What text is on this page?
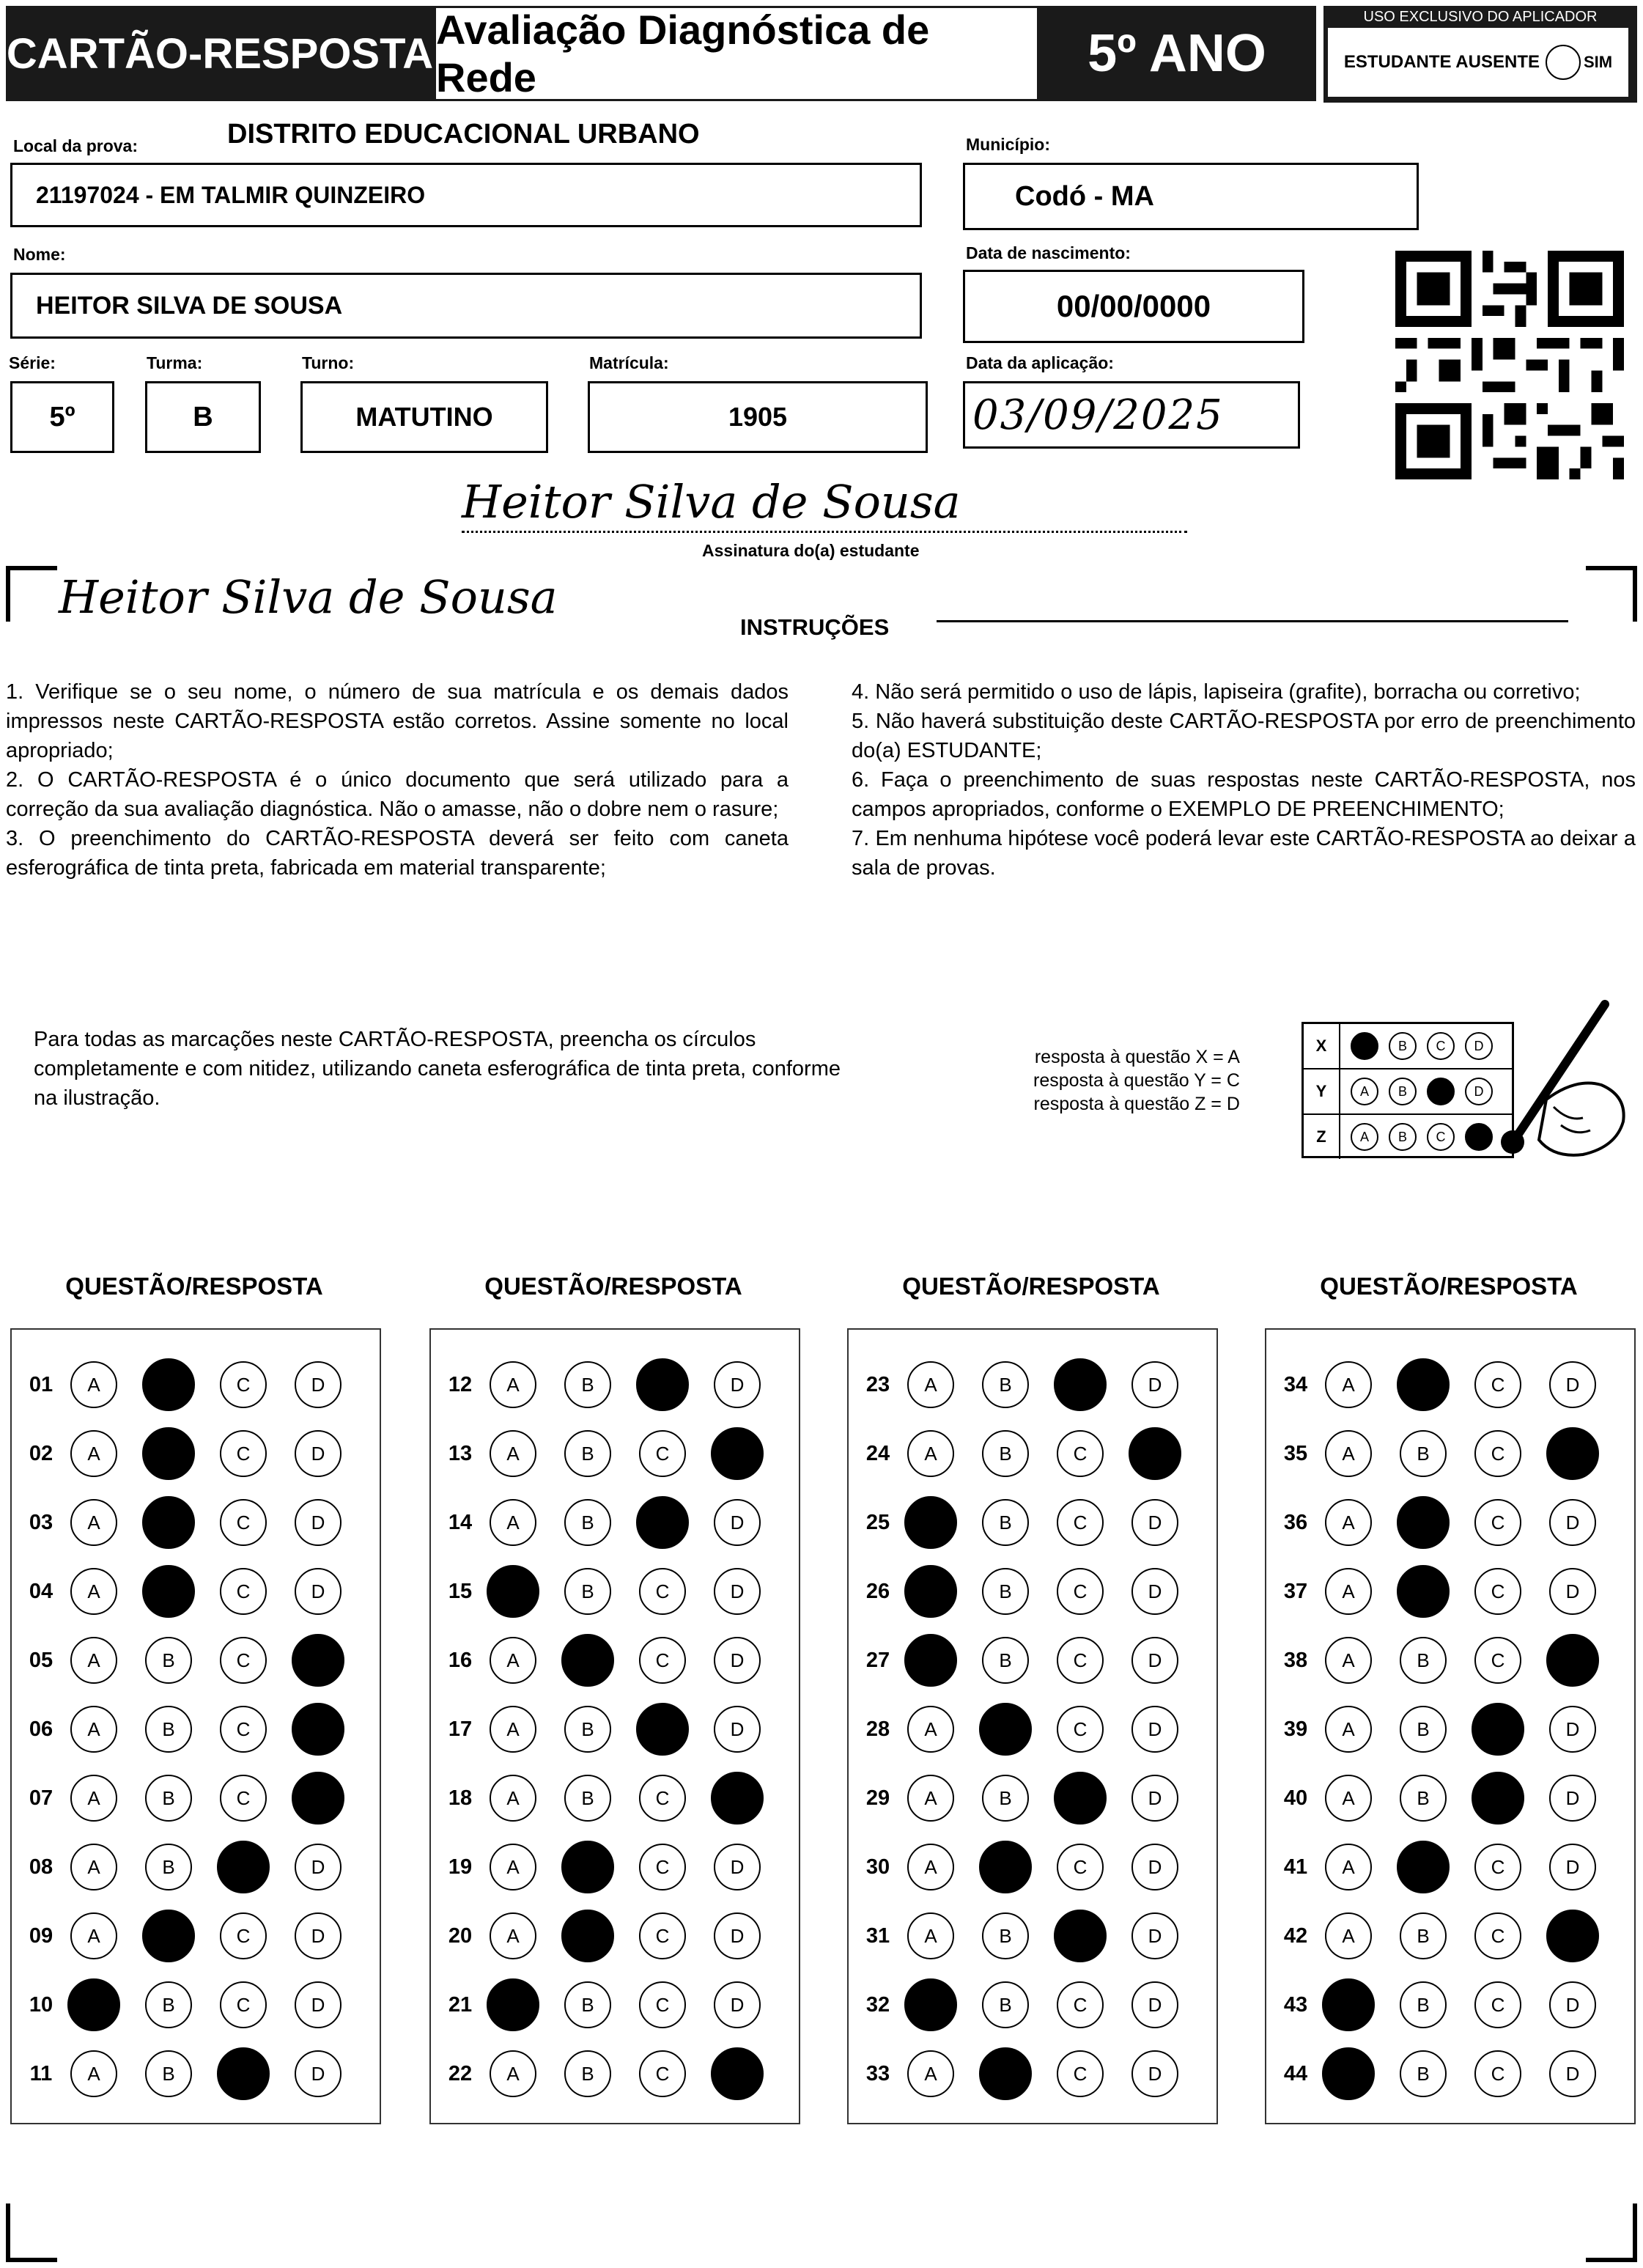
CARTÃO-RESPOSTA Avaliação Diagnóstica de Rede	5º ANO
USO EXCLUSIVO DO APLICADOR
ESTUDANTE AUSENTE	SIM
Local da prova:	DISTRITO EDUCACIONAL URBANO
21197024 - EM TALMIR QUINZEIRO
Município:
Codó - MA
Nome:
HEITOR SILVA DE SOUSA
Data de nascimento:
00/00/0000
Série:
5º
Turma:
B
Turno:
MATUTINO
Matrícula:
1905
Data da aplicação:
03/09/2025
Heitor Silva de Sousa
Assinatura do(a) estudante
Heitor Silva de Sousa
INSTRUÇÕES

1. Verifique se o seu nome, o número de sua matrícula e os demais dados impressos neste CARTÃO-RESPOSTA estão corretos. Assine somente no local apropriado;

2. O CARTÃO-RESPOSTA é o único documento que será utilizado para a correção da sua avaliação diagnóstica. Não o amasse, não o dobre nem o rasure;

3. O preenchimento do CARTÃO-RESPOSTA deverá ser feito com caneta esferográfica de tinta preta, fabricada em material transparente;

4. Não será permitido o uso de lápis, lapiseira (grafite), borracha ou corretivo;

5. Não haverá substituição deste CARTÃO-RESPOSTA por erro de preenchimento do(a) ESTUDANTE;

6. Faça o preenchimento de suas respostas neste CARTÃO-RESPOSTA, nos campos apropriados, conforme o EXEMPLO DE PREENCHIMENTO;

7. Em nenhuma hipótese você poderá levar este CARTÃO-RESPOSTA ao deixar a sala de provas.

Para todas as marcações neste CARTÃO-RESPOSTA, preencha os círculos completamente e com nitidez, utilizando caneta esferográfica de tinta preta, conforme na ilustração.
resposta à questão X = A
resposta à questão Y = C
resposta à questão Z = D
X	A	B	C	D
Y	A	B	C	D
Z	A	B	C	D
QUESTÃO/RESPOSTA
01	A	B	C	D
02	A	B	C	D
03	A	B	C	D
04	A	B	C	D
05	A	B	C	D
06	A	B	C	D
07	A	B	C	D
08	A	B	C	D
09	A	B	C	D
10	A	B	C	D
11	A	B	C	D
QUESTÃO/RESPOSTA
12	A	B	C	D
13	A	B	C	D
14	A	B	C	D
15	A	B	C	D
16	A	B	C	D
17	A	B	C	D
18	A	B	C	D
19	A	B	C	D
20	A	B	C	D
21	A	B	C	D
22	A	B	C	D
QUESTÃO/RESPOSTA
23	A	B	C	D
24	A	B	C	D
25	A	B	C	D
26	A	B	C	D
27	A	B	C	D
28	A	B	C	D
29	A	B	C	D
30	A	B	C	D
31	A	B	C	D
32	A	B	C	D
33	A	B	C	D
QUESTÃO/RESPOSTA
34	A	B	C	D
35	A	B	C	D
36	A	B	C	D
37	A	B	C	D
38	A	B	C	D
39	A	B	C	D
40	A	B	C	D
41	A	B	C	D
42	A	B	C	D
43	A	B	C	D
44	A	B	C	D
